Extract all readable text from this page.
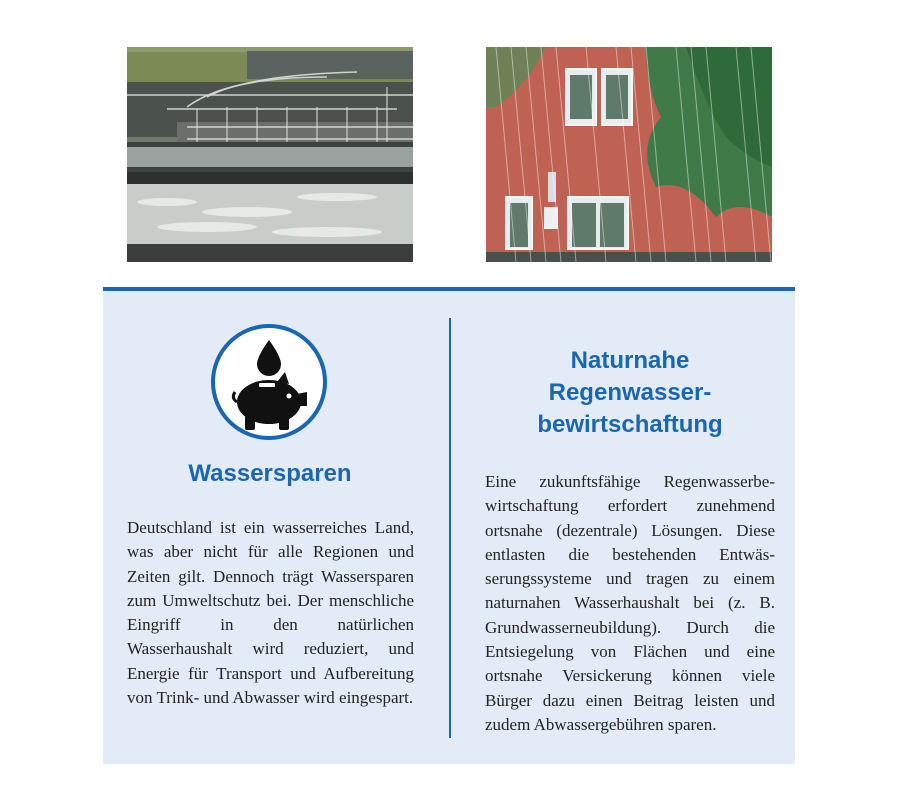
Wassersparen
Deutschland ist ein wasserreiches Land, was aber nicht für alle Regionen und Zeiten gilt. Dennoch trägt Wassersparen zum Umweltschutz bei. Der menschliche Eingriff in den natürlichen Wasserhaushalt wird reduziert, und Energie für Transport und Aufbereitung von Trink- und Abwasser wird eingespart.
Naturnahe
Regenwasser-
bewirtschaftung
Eine zukunftsfähige Regenwasserbewirtschaftung erfordert zunehmend ortsnahe (dezentrale) Lösungen. Diese entlasten die bestehenden Entwässerungssysteme und tragen zu einem naturnahen Wasserhaushalt bei (z. B. Grundwasserneubildung). Durch die Entsiegelung von Flächen und eine ortsnahe Versickerung können viele Bürger dazu einen Beitrag leisten und zudem Abwassergebühren sparen.
